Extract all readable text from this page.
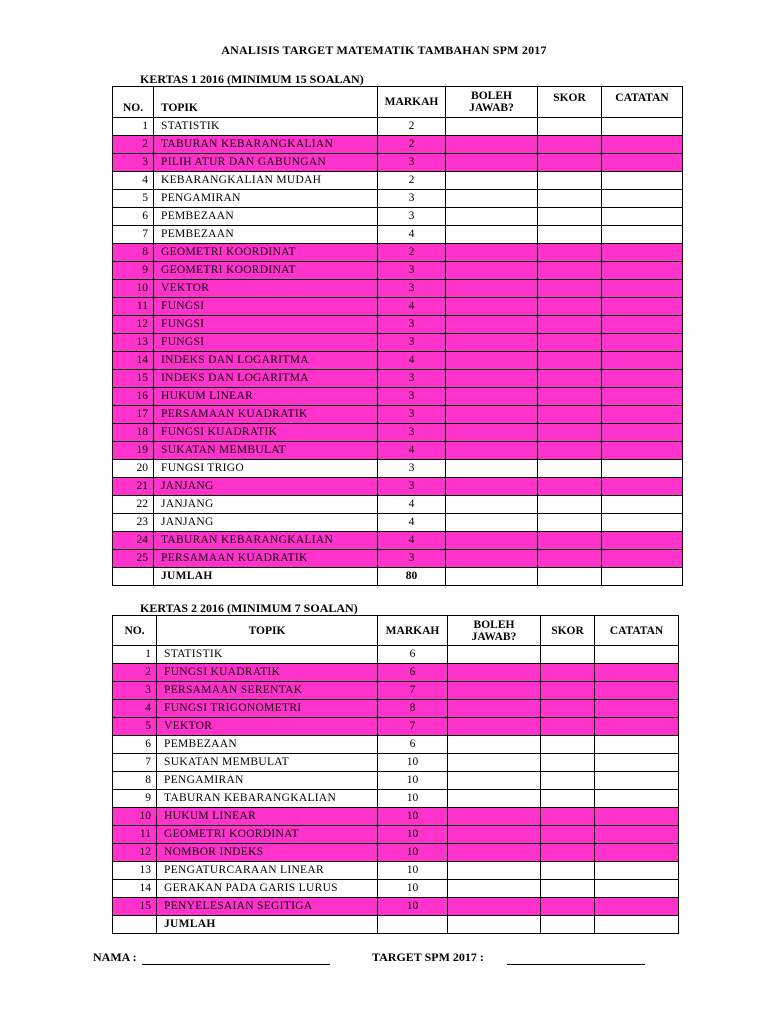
ANALISIS TARGET MATEMATIK TAMBAHAN SPM 2017
KERTAS 1 2016 (MINIMUM 15 SOALAN)
NO.	TOPIK	MARKAH	BOLEH JAWAB?	SKOR	CATATAN
1	STATISTIK	2			
2	TABURAN KEBARANGKALIAN	2			
3	PILIH ATUR DAN GABUNGAN	3			
4	KEBARANGKALIAN MUDAH	2			
5	PENGAMIRAN	3			
6	PEMBEZAAN	3			
7	PEMBEZAAN	4			
8	GEOMETRI KOORDINAT	2			
9	GEOMETRI KOORDINAT	3			
10	VEKTOR	3			
11	FUNGSI	4			
12	FUNGSI	3			
13	FUNGSI	3			
14	INDEKS DAN LOGARITMA	4			
15	INDEKS DAN LOGARITMA	3			
16	HUKUM LINEAR	3			
17	PERSAMAAN KUADRATIK	3			
18	FUNGSI KUADRATIK	3			
19	SUKATAN MEMBULAT	4			
20	FUNGSI TRIGO	3			
21	JANJANG	3			
22	JANJANG	4			
23	JANJANG	4			
24	TABURAN KEBARANGKALIAN	4			
25	PERSAMAAN KUADRATIK	3			
	JUMLAH	80			
KERTAS 2 2016 (MINIMUM 7 SOALAN)
NO.	TOPIK	MARKAH	BOLEH JAWAB?	SKOR	CATATAN
1	STATISTIK	6			
2	FUNGSI KUADRATIK	6			
3	PERSAMAAN SERENTAK	7			
4	FUNGSI TRIGONOMETRI	8			
5	VEKTOR	7			
6	PEMBEZAAN	6			
7	SUKATAN MEMBULAT	10			
8	PENGAMIRAN	10			
9	TABURAN KEBARANGKALIAN	10			
10	HUKUM LINEAR	10			
11	GEOMETRI KOORDINAT	10			
12	NOMBOR INDEKS	10			
13	PENGATURCARAAN LINEAR	10			
14	GERAKAN PADA GARIS LURUS	10			
15	PENYELESAIAN SEGITIGA	10			
	JUMLAH				
NAMA :	TARGET SPM 2017 :
